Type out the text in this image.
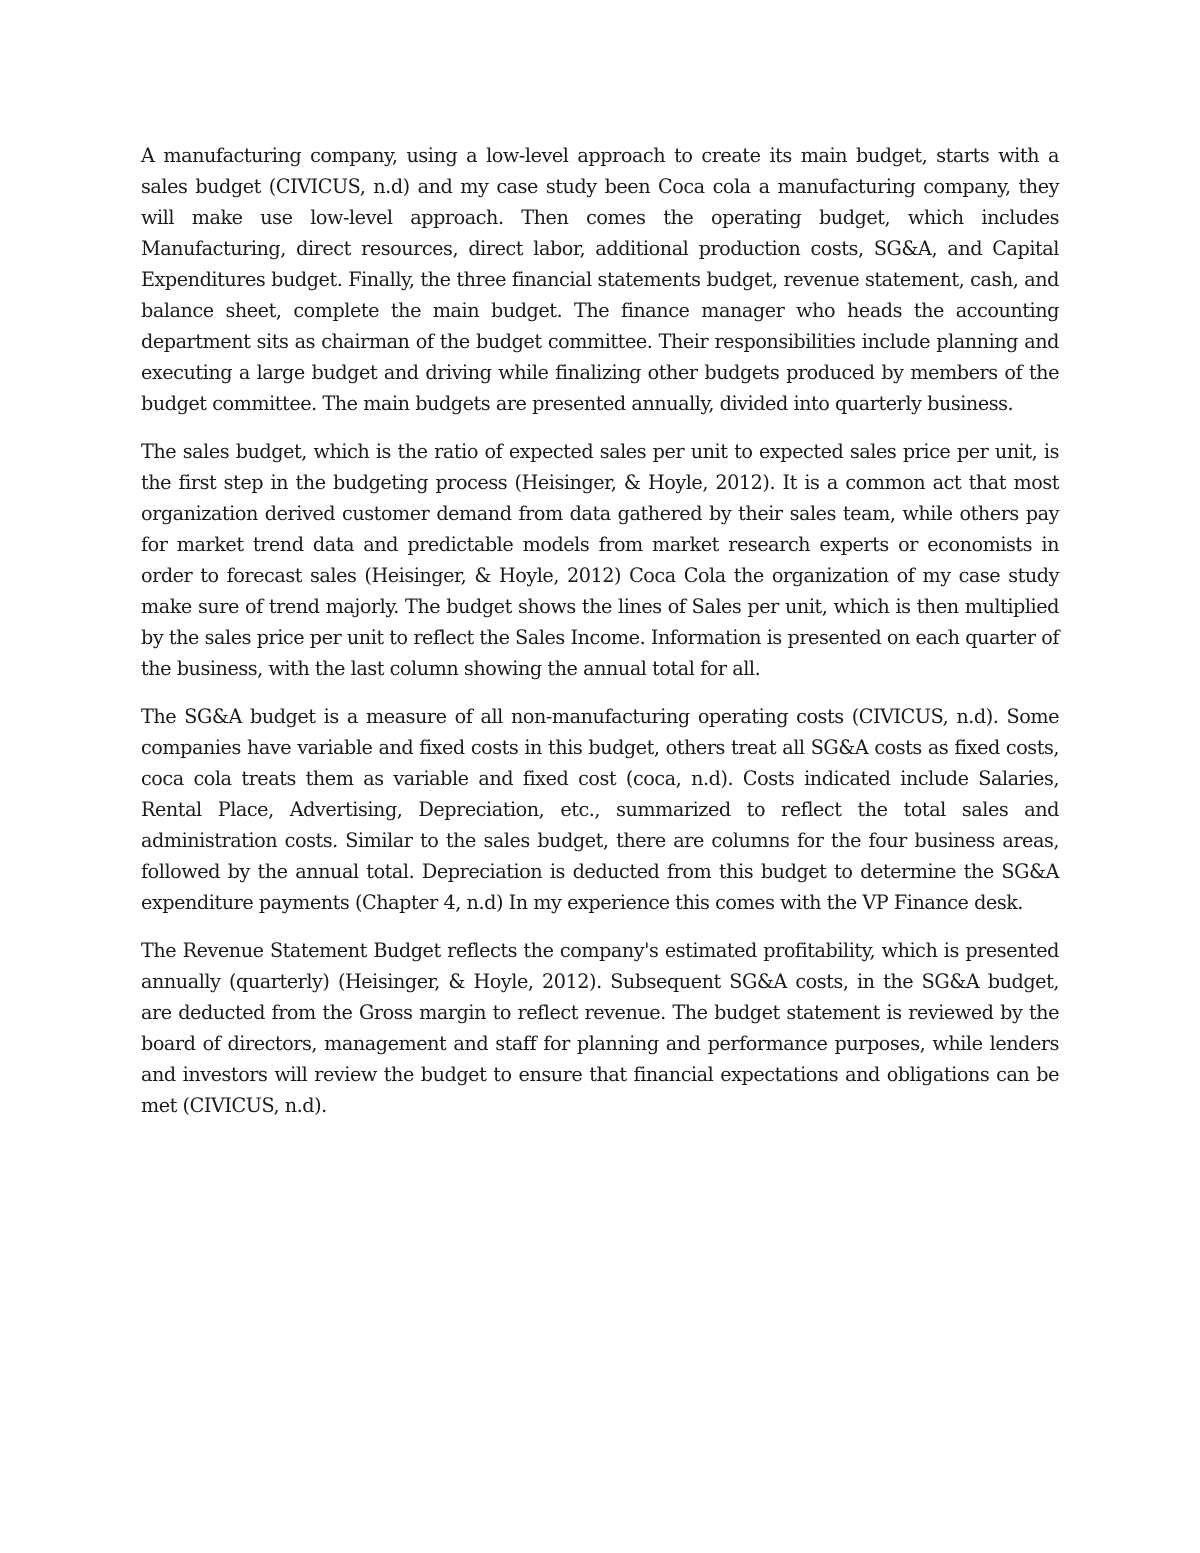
A manufacturing company, using a low-level approach to create its main budget, starts with a sales budget (CIVICUS, n.d) and my case study been Coca cola a manufacturing company, they will make use low-level approach. Then comes the operating budget, which includes Manufacturing, direct resources, direct labor, additional production costs, SG&A, and Capital Expenditures budget. Finally, the three financial statements budget, revenue statement, cash, and balance sheet, complete the main budget. The finance manager who heads the accounting department sits as chairman of the budget committee. Their responsibilities include planning and executing a large budget and driving while finalizing other budgets produced by members of the budget committee. The main budgets are presented annually, divided into quarterly business.

The sales budget, which is the ratio of expected sales per unit to expected sales price per unit, is the first step in the budgeting process (Heisinger, & Hoyle, 2012). It is a common act that most organization derived customer demand from data gathered by their sales team, while others pay for market trend data and predictable models from market research experts or economists in order to forecast sales (Heisinger, & Hoyle, 2012) Coca Cola the organization of my case study make sure of trend majorly. The budget shows the lines of Sales per unit, which is then multiplied by the sales price per unit to reflect the Sales Income. Information is presented on each quarter of the business, with the last column showing the annual total for all.

The SG&A budget is a measure of all non-manufacturing operating costs (CIVICUS, n.d). Some companies have variable and fixed costs in this budget, others treat all SG&A costs as fixed costs, coca cola treats them as variable and fixed cost (coca, n.d). Costs indicated include Salaries, Rental Place, Advertising, Depreciation, etc., summarized to reflect the total sales and administration costs. Similar to the sales budget, there are columns for the four business areas, followed by the annual total. Depreciation is deducted from this budget to determine the SG&A expenditure payments (Chapter 4, n.d) In my experience this comes with the VP Finance desk.

The Revenue Statement Budget reflects the company's estimated profitability, which is presented annually (quarterly) (Heisinger, & Hoyle, 2012). Subsequent SG&A costs, in the SG&A budget, are deducted from the Gross margin to reflect revenue. The budget statement is reviewed by the board of directors, management and staff for planning and performance purposes, while lenders and investors will review the budget to ensure that financial expectations and obligations can be met (CIVICUS, n.d).
